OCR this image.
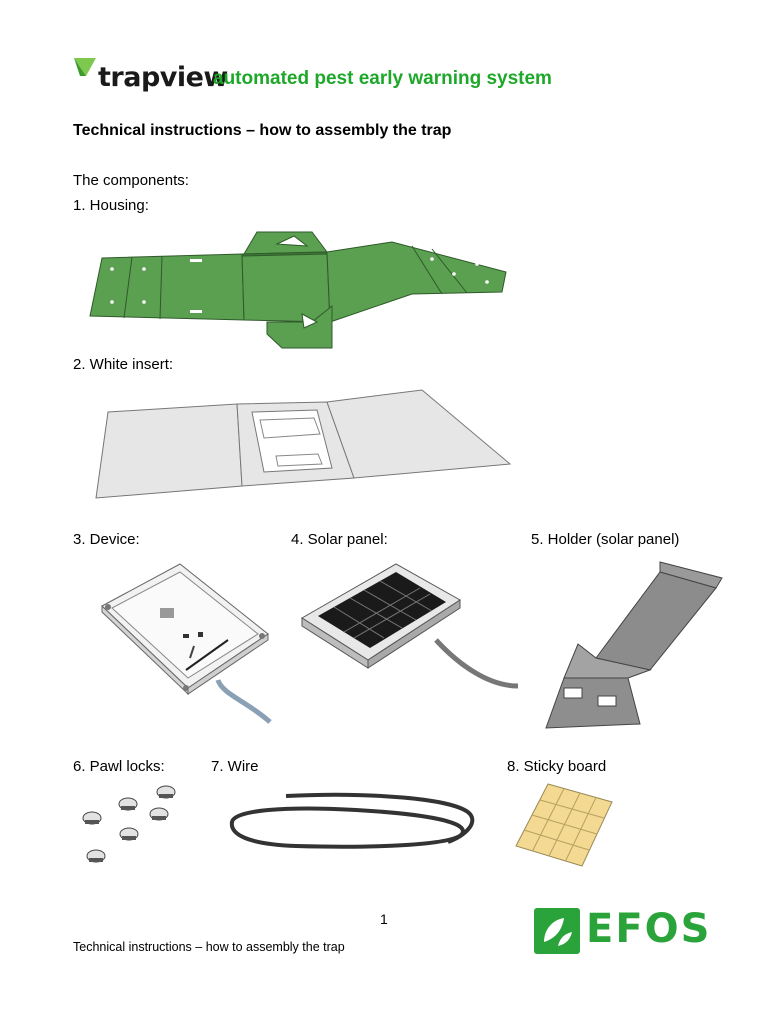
trapview
automated pest early warning system
Technical instructions – how to assembly the trap
The components:
1. Housing:
2. White insert:
3. Device:	4. Solar panel:	5. Holder (solar panel)
6. Pawl locks:	7. Wire	8. Sticky board
1
Technical instructions – how to assembly the trap	EFOS
